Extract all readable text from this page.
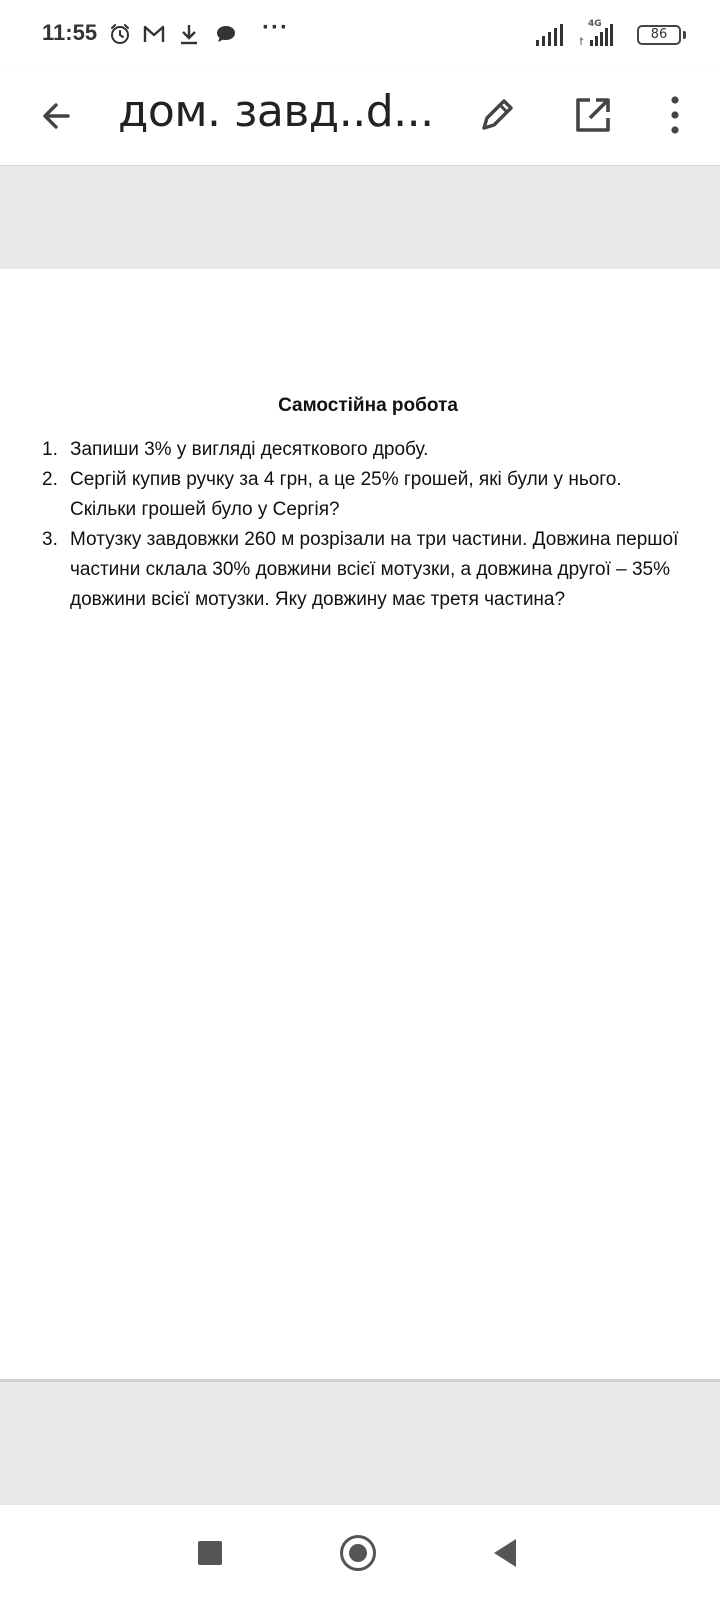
11:55	···	4G
86
дом. завд..d...
Самостійна робота
1. Запиши 3% у вигляді десяткового дробу.
2. Сергій купив ручку за 4 грн, а це 25% грошей, які були у нього. Скільки грошей було у Сергія?
3. Мотузку завдовжки 260 м розрізали на три частини. Довжина першої частини склала 30% довжини всієї мотузки, а довжина другої – 35% довжини всієї мотузки. Яку довжину має третя частина?
